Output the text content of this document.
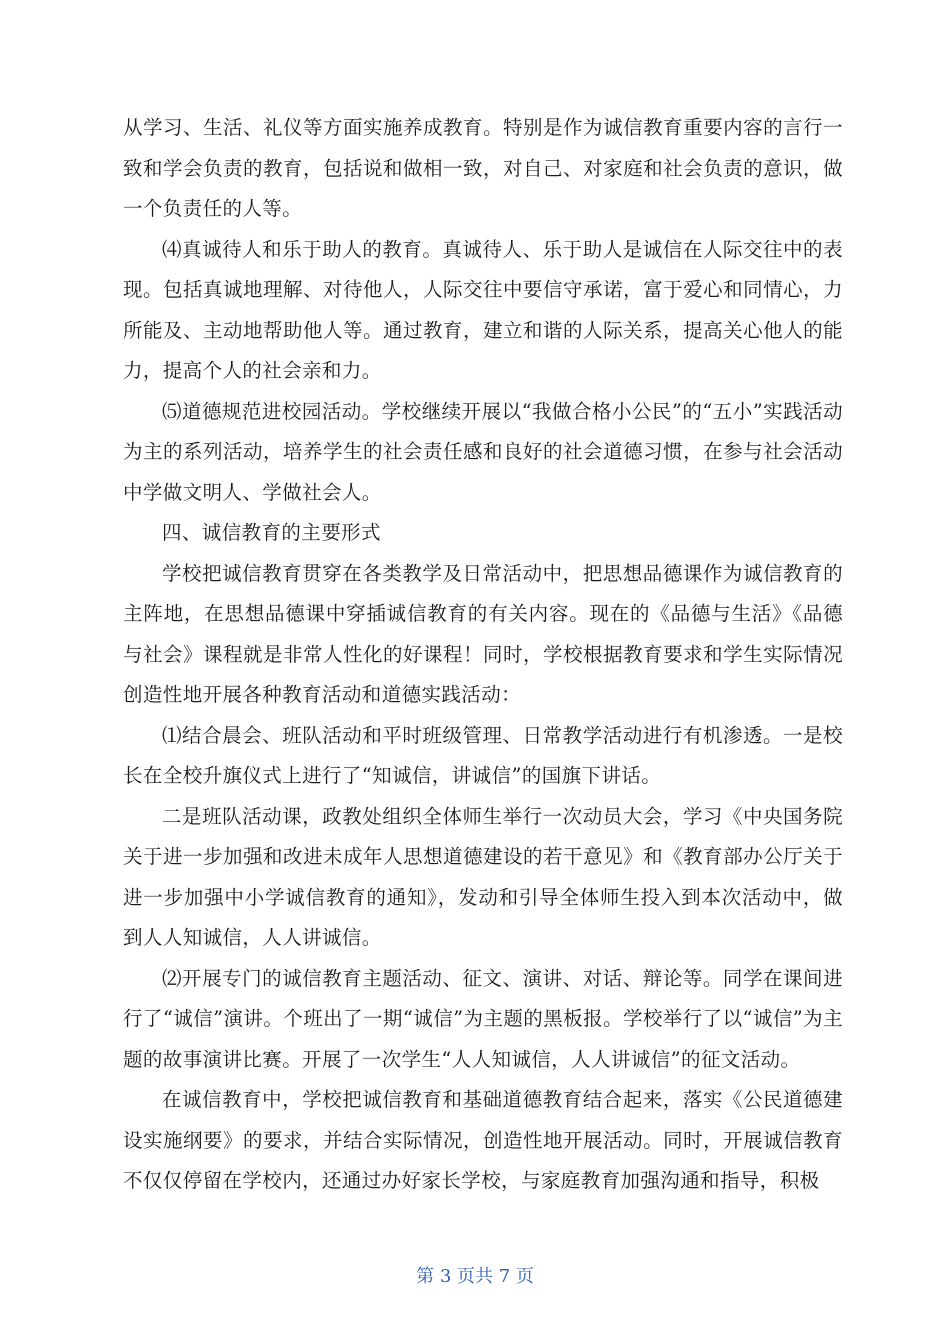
从学习、生活、礼仪等方面实施养成教育。特别是作为诚信教育重要内容的言行一致和学会负责的教育，包括说和做相一致，对自己、对家庭和社会负责的意识，做一个负责任的人等。

⑷真诚待人和乐于助人的教育。真诚待人、乐于助人是诚信在人际交往中的表现。包括真诚地理解、对待他人，人际交往中要信守承诺，富于爱心和同情心，力所能及、主动地帮助他人等。通过教育，建立和谐的人际关系，提高关心他人的能力，提高个人的社会亲和力。

⑸道德规范进校园活动。学校继续开展以“我做合格小公民”的“五小”实践活动为主的系列活动，培养学生的社会责任感和良好的社会道德习惯，在参与社会活动中学做文明人、学做社会人。

四、诚信教育的主要形式

学校把诚信教育贯穿在各类教学及日常活动中，把思想品德课作为诚信教育的主阵地，在思想品德课中穿插诚信教育的有关内容。现在的《品德与生活》《品德与社会》课程就是非常人性化的好课程！同时，学校根据教育要求和学生实际情况创造性地开展各种教育活动和道德实践活动：

⑴结合晨会、班队活动和平时班级管理、日常教学活动进行有机渗透。一是校长在全校升旗仪式上进行了“知诚信，讲诚信”的国旗下讲话。

二是班队活动课，政教处组织全体师生举行一次动员大会，学习《中央国务院关于进一步加强和改进未成年人思想道德建设的若干意见》和《教育部办公厅关于进一步加强中小学诚信教育的通知》，发动和引导全体师生投入到本次活动中，做到人人知诚信，人人讲诚信。

⑵开展专门的诚信教育主题活动、征文、演讲、对话、辩论等。同学在课间进行了“诚信”演讲。个班出了一期“诚信”为主题的黑板报。学校举行了以“诚信”为主题的故事演讲比赛。开展了一次学生“人人知诚信，人人讲诚信”的征文活动。

在诚信教育中，学校把诚信教育和基础道德教育结合起来，落实《公民道德建设实施纲要》的要求，并结合实际情况，创造性地开展活动。同时，开展诚信教育不仅仅停留在学校内，还通过办好家长学校，与家庭教育加强沟通和指导，积极

第 3 页共 7 页
